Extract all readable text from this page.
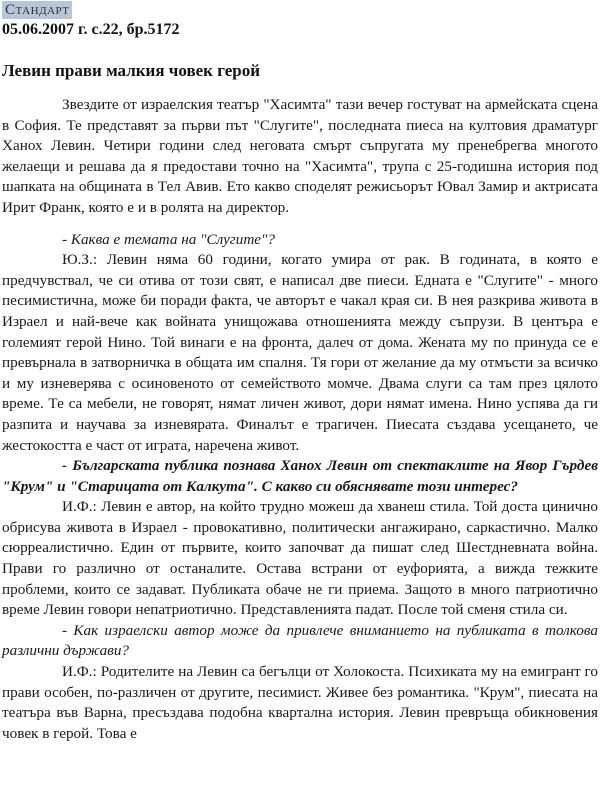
Стандарт
05.06.2007 г. с.22, бр.5172
Левин прави малкия човек герой

Звездите от израелския театър "Хасимта" тази вечер гостуват на армейската сцена в София. Те представят за първи път "Слугите", последната пиеса на култовия драматург Ханох Левин. Четири години след неговата смърт съпругата му пренебрегва многото желаещи и решава да я предостави точно на "Хасимта", трупа с 25-годишна история под шапката на общината в Тел Авив. Ето какво споделят режисьорът Ювал Замир и актрисата Ирит Франк, която е и в ролята на директор.

- Каква е темата на "Слугите"?

Ю.З.: Левин няма 60 години, когато умира от рак. В годината, в която е предчувствал, че си отива от този свят, е написал две пиеси. Едната е "Слугите" - много песимистична, може би поради факта, че авторът е чакал края си. В нея разкрива живота в Израел и най-вече как войната унищожава отношенията между съпрузи. В центъра е големият герой Нино. Той винаги е на фронта, далеч от дома. Жената му по принуда се е превърнала в затворничка в общата им спалня. Тя гори от желание да му отмъсти за всичко и му изневерява с осиновеното от семейството момче. Двама слуги са там през цялото време. Те са мебели, не говорят, нямат личен живот, дори нямат имена. Нино успява да ги разпита и научава за изневярата. Финалът е трагичен. Пиесата създава усещането, че жестокостта е част от играта, наречена живот.

- Българската публика познава Ханох Левин от спектаклите на Явор Гърдев "Крум" и "Старицата от Калкута". С какво си обяснявате този интерес?

И.Ф.: Левин е автор, на който трудно можеш да хванеш стила. Той доста цинично обрисува живота в Израел - провокативно, политически ангажирано, саркастично. Малко сюрреалистично. Един от първите, които започват да пишат след Шестдневната война. Прави го различно от останалите. Остава встрани от еуфорията, а вижда тежките проблеми, които се задават. Публиката обаче не ги приема. Защото в много патриотично време Левин говори непатриотично. Представленията падат. После той сменя стила си.

- Как израелски автор може да привлече вниманието на публиката в толкова различни държави?

И.Ф.: Родителите на Левин са бегълци от Холокоста. Психиката му на емигрант го прави особен, по-различен от другите, песимист. Живее без романтика. "Крум", пиесата на театъра във Варна, пресъздава подобна квартална история. Левин превръща обикновения човек в герой. Това е
